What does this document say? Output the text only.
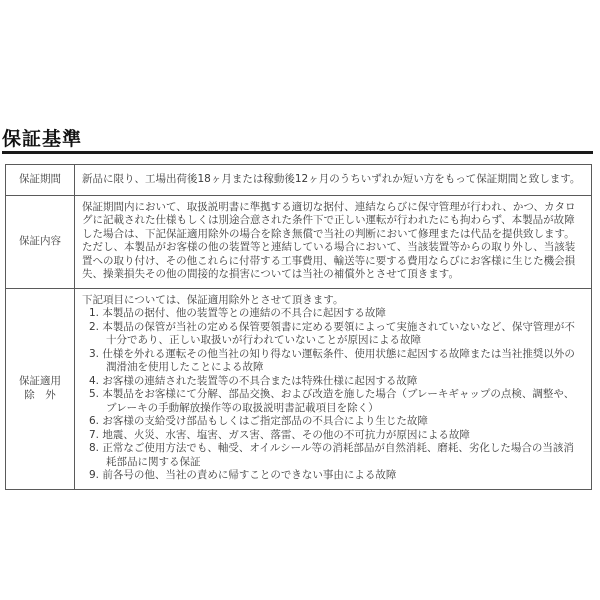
保証基準
保証期間	新品に限り、工場出荷後18ヶ月または稼動後12ヶ月のうちいずれか短い方をもって保証期間と致します。

保証内容

保証期間内において、取扱説明書に準拠する適切な据付、連結ならびに保守管理が行われ、かつ、カタログに記載された仕様もしくは別途合意された条件下で正しい運転が行われたにも拘わらず、本製品が故障した場合は、下記保証適用除外の場合を除き無償で当社の判断において修理または代品を提供致します。ただし、本製品がお客様の他の装置等と連結している場合において、当該装置等からの取り外し、当該装置への取り付け、その他これらに付帯する工事費用、輸送等に要する費用ならびにお客様に生じた機会損失、操業損失その他の間接的な損害については当社の補償外とさせて頂きます。

保証適用
除　外

下記項目については、保証適用除外とさせて頂きます。

1. 本製品の据付、他の装置等との連結の不具合に起因する故障
2. 本製品の保管が当社の定める保管要領書に定める要領によって実施されていないなど、保守管理が不十分であり、正しい取扱いが行われていないことが原因による故障
3. 仕様を外れる運転その他当社の知り得ない運転条件、使用状態に起因する故障または当社推奨以外の潤滑油を使用したことによる故障
4. お客様の連結された装置等の不具合または特殊仕様に起因する故障
5. 本製品をお客様にて分解、部品交換、および改造を施した場合（ブレーキギャップの点検、調整や、ブレーキの手動解放操作等の取扱説明書記載項目を除く）
6. お客様の支給受け部品もしくはご指定部品の不具合により生じた故障
7. 地震、火災、水害、塩害、ガス害、落雷、その他の不可抗力が原因による故障
8. 正常なご使用方法でも、軸受、オイルシール等の消耗部品が自然消耗、磨耗、劣化した場合の当該消耗部品に関する保証
9. 前各号の他、当社の責めに帰すことのできない事由による故障
